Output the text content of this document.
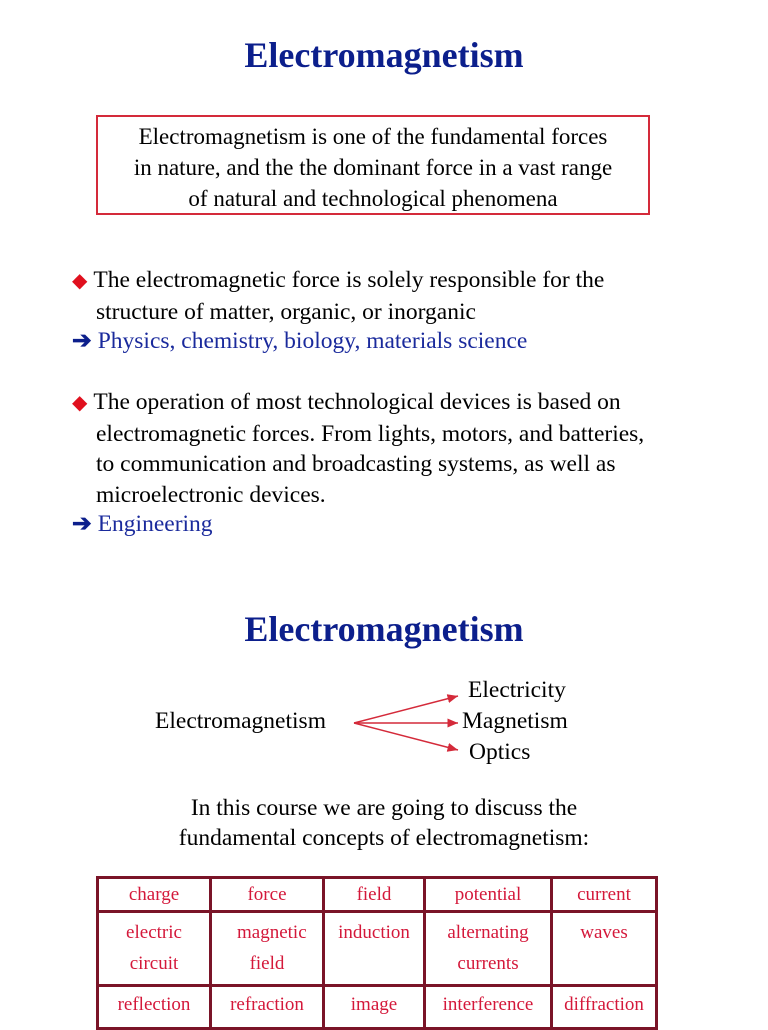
Electromagnetism
Electromagnetism is one of the fundamental forces
in nature, and the the dominant force in a vast range
of natural and technological phenomena
◆ The electromagnetic force is solely responsible for the
structure of matter, organic, or inorganic
➔ Physics, chemistry, biology, materials science
◆ The operation of most technological devices is based on
electromagnetic forces. From lights, motors, and batteries,
to communication and broadcasting systems, as well as
microelectronic devices.
➔ Engineering
Electromagnetism
Electromagnetism
Electricity
Magnetism
Optics
In this course we are going to discuss the
fundamental concepts of electromagnetism:
charge	force	field	potential	current

electric circuit	magnetic field	induction	alternating currents	waves
reflection	refraction	image	interference	diffraction
